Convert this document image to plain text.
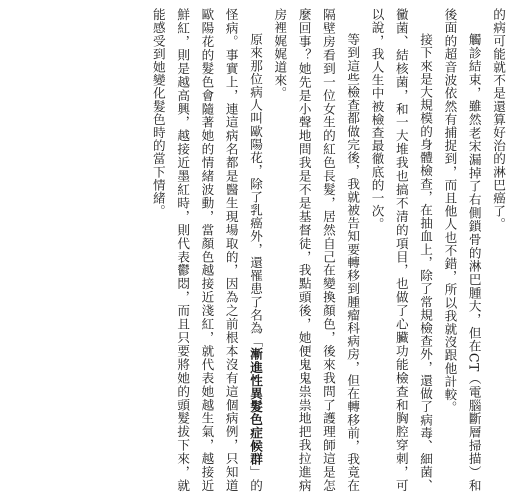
的病可能就不是還算好治的淋巴癌了。

觸診結束，雖然老宋漏掉了右側鎖骨的淋巴腫大，但在CT（電腦斷層掃描）和後面的超音波依然有捕捉到，而且他人也不錯，所以我就沒跟他計較。

接下來是大規模的身體檢查，在抽血上，除了常規檢查外，還做了病毒、細菌、黴菌、結核菌，和一大堆我也搞不清的項目，也做了心臟功能檢查和胸腔穿刺，可以說，我人生中被檢查最徹底的一次。

等到這些檢查都做完後，我就被告知要轉移到腫瘤科病房，但在轉移前，我竟在隔壁房看到一位女生的紅色長髮，居然自己在變換顏色，後來我問了護理師這是怎麼回事？她先是小聲地問我是不是基督徒，我點頭後，她便鬼鬼祟祟地把我拉進病房裡娓娓道來。

原來那位病人叫歐陽花，除了乳癌外，還罹患了名為「漸進性異髮色症候群」的怪病。事實上，連這病名都是醫生現場取的，因為之前根本沒有這個病例，只知道歐陽花的髮色會隨著她的情緒波動，當顏色越接近淺紅，就代表她越生氣，越接近鮮紅，則是越高興，越接近墨紅時，則代表鬱悶，而且只要將她的頭髮拔下來，就能感受到她變化髮色時的當下情緒。
